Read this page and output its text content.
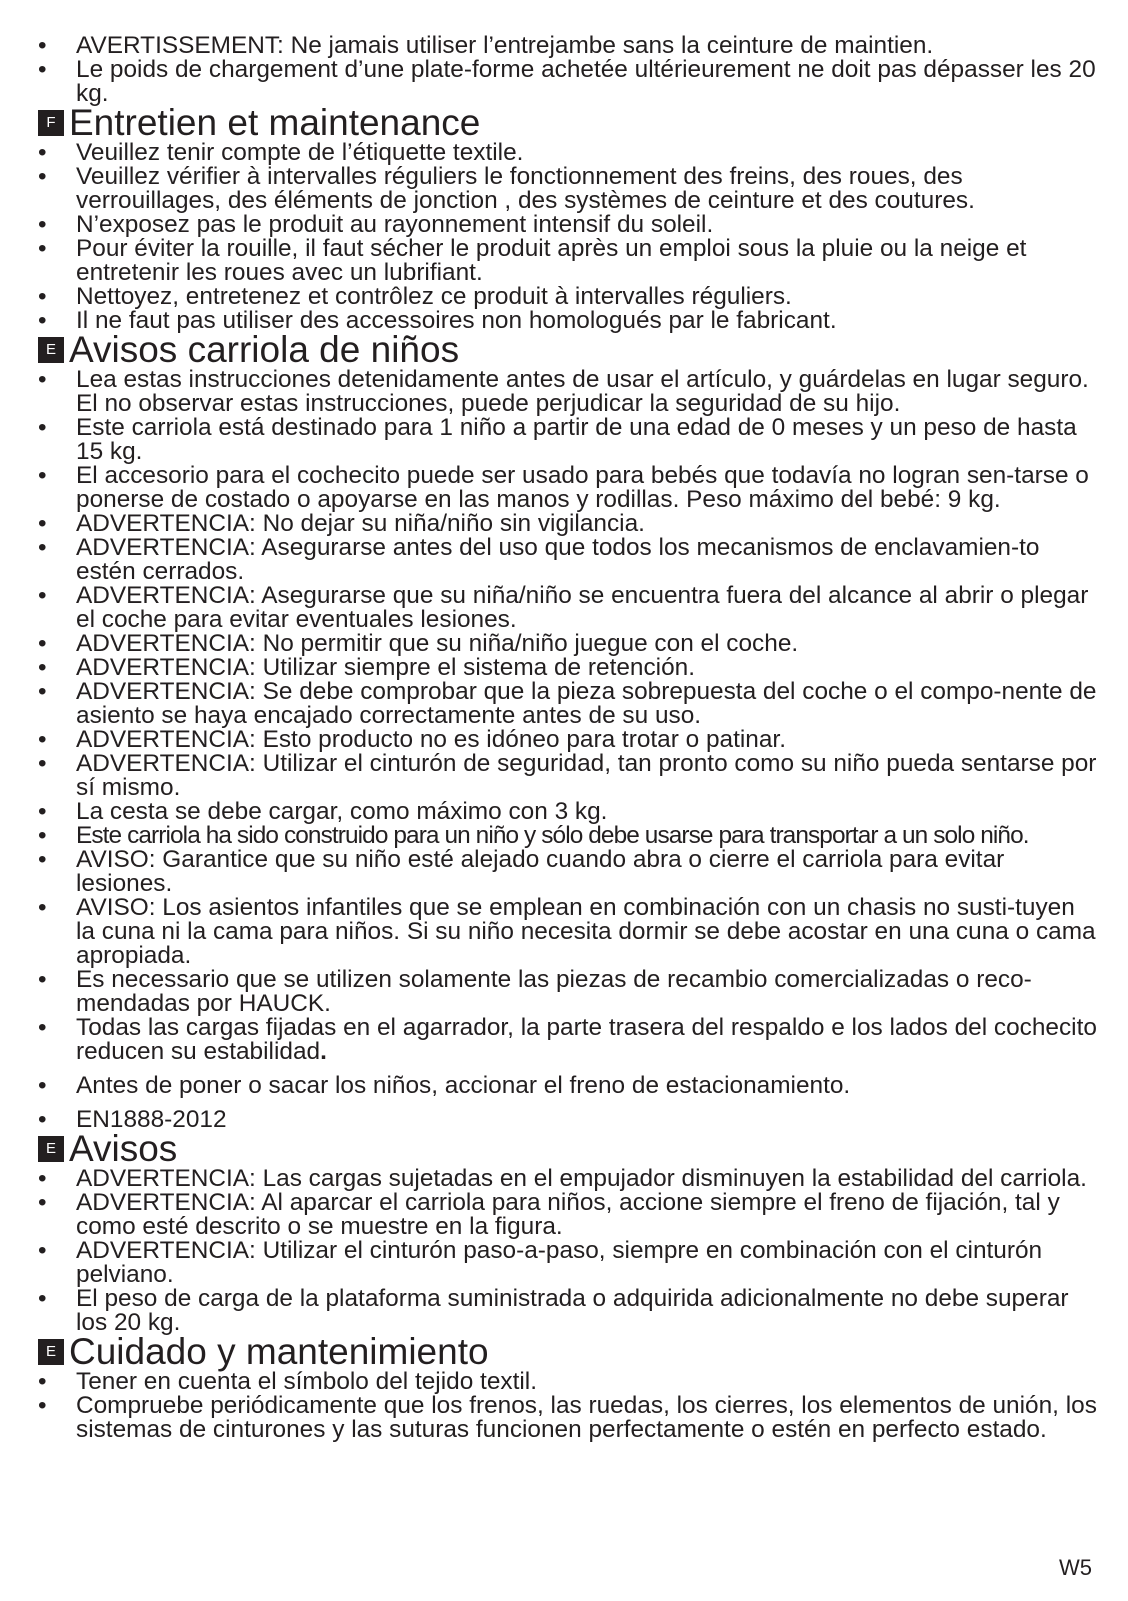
• AVERTISSEMENT: Ne jamais utiliser l’entrejambe sans la ceinture de maintien.
• Le poids de chargement d’une plate-forme achetée ultérieurement ne doit pas dépasser les 20 kg.
F Entretien et maintenance
• Veuillez tenir compte de l’étiquette textile.
• Veuillez vérifier à intervalles réguliers le fonctionnement des freins, des roues, des verrouillages, des éléments de jonction , des systèmes de ceinture et des coutures.
• N’exposez pas le produit au rayonnement intensif du soleil.
• Pour éviter la rouille, il faut sécher le produit après un emploi sous la pluie ou la neige et entretenir les roues avec un lubrifiant.
• Nettoyez, entretenez et contrôlez ce produit à intervalles réguliers.
• Il ne faut pas utiliser des accessoires non homologués par le fabricant.
E Avisos carriola de niños
• Lea estas instrucciones detenidamente antes de usar el artículo, y guárdelas en lugar seguro. El no observar estas instrucciones, puede perjudicar la seguridad de su hijo.
• Este carriola está destinado para 1 niño a partir de una edad de 0 meses y un peso de hasta 15 kg.
• El accesorio para el cochecito puede ser usado para bebés que todavía no logran sen-tarse o ponerse de costado o apoyarse en las manos y rodillas. Peso máximo del bebé: 9 kg.
• ADVERTENCIA: No dejar su niña/niño sin vigilancia.
• ADVERTENCIA: Asegurarse antes del uso que todos los mecanismos de enclavamien-to estén cerrados.
• ADVERTENCIA: Asegurarse que su niña/niño se encuentra fuera del alcance al abrir o plegar el coche para evitar eventuales lesiones.
• ADVERTENCIA: No permitir que su niña/niño juegue con el coche.
• ADVERTENCIA: Utilizar siempre el sistema de retención.
• ADVERTENCIA: Se debe comprobar que la pieza sobrepuesta del coche o el compo-nente de asiento se haya encajado correctamente antes de su uso.
• ADVERTENCIA: Esto producto no es idóneo para trotar o patinar.
• ADVERTENCIA: Utilizar el cinturón de seguridad, tan pronto como su niño pueda sentarse por sí mismo.
• La cesta se debe cargar, como máximo con 3 kg.
• Este carriola ha sido construido para un niño y sólo debe usarse para transportar a un solo niño.
• AVISO: Garantice que su niño esté alejado cuando abra o cierre el carriola para evitar lesiones.
• AVISO: Los asientos infantiles que se emplean en combinación con un chasis no susti-tuyen la cuna ni la cama para niños. Si su niño necesita dormir se debe acostar en una cuna o cama apropiada.
• Es necessario que se utilizen solamente las piezas de recambio comercializadas o reco-mendadas por HAUCK.
• Todas las cargas fijadas en el agarrador, la parte trasera del respaldo e los lados del cochecito reducen su estabilidad.
• Antes de poner o sacar los niños, accionar el freno de estacionamiento.
• EN1888-2012
E Avisos
• ADVERTENCIA: Las cargas sujetadas en el empujador disminuyen la estabilidad del carriola.
• ADVERTENCIA: Al aparcar el carriola para niños, accione siempre el freno de fijación, tal y como esté descrito o se muestre en la figura.
• ADVERTENCIA: Utilizar el cinturón paso-a-paso, siempre en combinación con el cinturón pelviano.
• El peso de carga de la plataforma suministrada o adquirida adicionalmente no debe superar los 20 kg.
E Cuidado y mantenimiento
• Tener en cuenta el símbolo del tejido textil.
• Compruebe periódicamente que los frenos, las ruedas, los cierres, los elementos de unión, los sistemas de cinturones y las suturas funcionen perfectamente o estén en perfecto estado.
W5
